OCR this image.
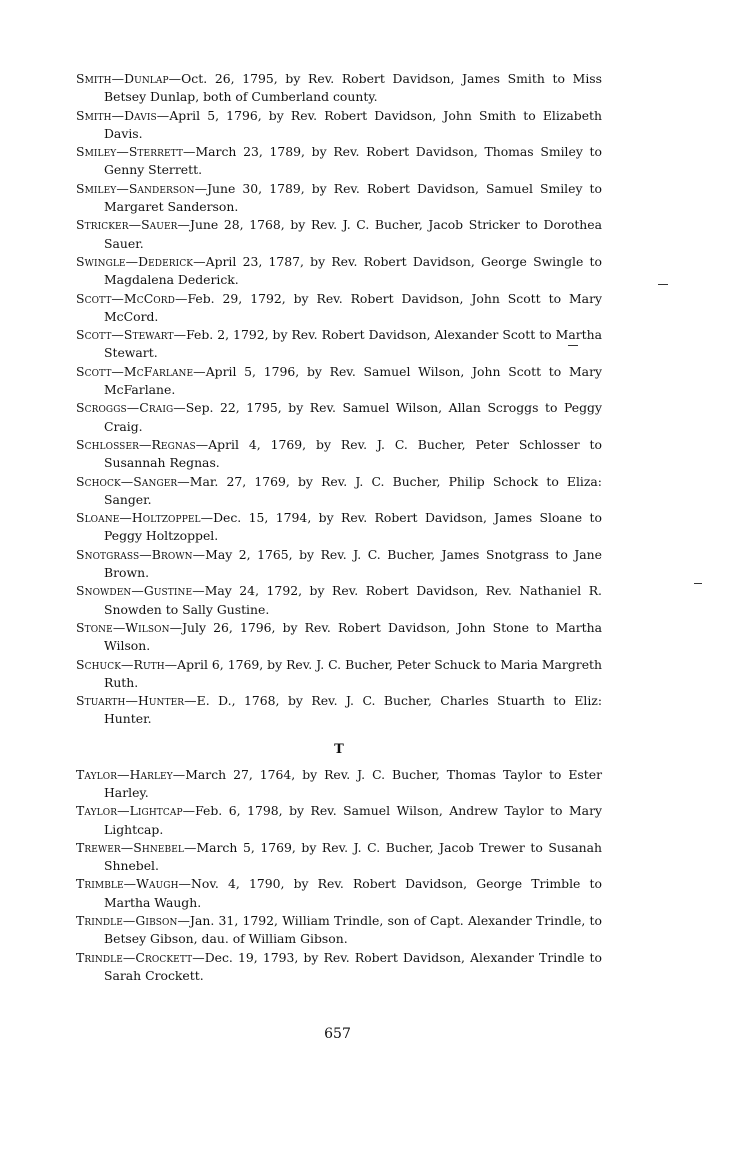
Smith—Dunlap—Oct. 26, 1795, by Rev. Robert Davidson, James Smith to Miss Betsey Dunlap, both of Cumberland county.

Smith—Davis—April 5, 1796, by Rev. Robert Davidson, John Smith to Elizabeth Davis.

Smiley—Sterrett—March 23, 1789, by Rev. Robert Davidson, Thomas Smiley to Genny Sterrett.

Smiley—Sanderson—June 30, 1789, by Rev. Robert Davidson, Samuel Smiley to Margaret Sanderson.

Stricker—Sauer—June 28, 1768, by Rev. J. C. Bucher, Jacob Stricker to Dorothea Sauer.

Swingle—Dederick—April 23, 1787, by Rev. Robert Davidson, George Swingle to Magdalena Dederick.

Scott—McCord—Feb. 29, 1792, by Rev. Robert Davidson, John Scott to Mary McCord.

Scott—Stewart—Feb. 2, 1792, by Rev. Robert Davidson, Alexander Scott to Martha Stewart.

Scott—McFarlane—April 5, 1796, by Rev. Samuel Wilson, John Scott to Mary McFarlane.

Scroggs—Craig—Sep. 22, 1795, by Rev. Samuel Wilson, Allan Scroggs to Peggy Craig.

Schlosser—Regnas—April 4, 1769, by Rev. J. C. Bucher, Peter Schlosser to Susannah Regnas.

Schock—Sanger—Mar. 27, 1769, by Rev. J. C. Bucher, Philip Schock to Eliza: Sanger.

Sloane—Holtzoppel—Dec. 15, 1794, by Rev. Robert Davidson, James Sloane to Peggy Holtzoppel.

Snotgrass—Brown—May 2, 1765, by Rev. J. C. Bucher, James Snotgrass to Jane Brown.

Snowden—Gustine—May 24, 1792, by Rev. Robert Davidson, Rev. Nathaniel R. Snowden to Sally Gustine.

Stone—Wilson—July 26, 1796, by Rev. Robert Davidson, John Stone to Martha Wilson.

Schuck—Ruth—April 6, 1769, by Rev. J. C. Bucher, Peter Schuck to Maria Margreth Ruth.

Stuarth—Hunter—E. D., 1768, by Rev. J. C. Bucher, Charles Stuarth to Eliz: Hunter.

T

Taylor—Harley—March 27, 1764, by Rev. J. C. Bucher, Thomas Taylor to Ester Harley.

Taylor—Lightcap—Feb. 6, 1798, by Rev. Samuel Wilson, Andrew Taylor to Mary Lightcap.

Trewer—Shnebel—March 5, 1769, by Rev. J. C. Bucher, Jacob Trewer to Susanah Shnebel.

Trimble—Waugh—Nov. 4, 1790, by Rev. Robert Davidson, George Trimble to Martha Waugh.

Trindle—Gibson—Jan. 31, 1792, William Trindle, son of Capt. Alexander Trindle, to Betsey Gibson, dau. of William Gibson.

Trindle—Crockett—Dec. 19, 1793, by Rev. Robert Davidson, Alexander Trindle to Sarah Crockett.

657
